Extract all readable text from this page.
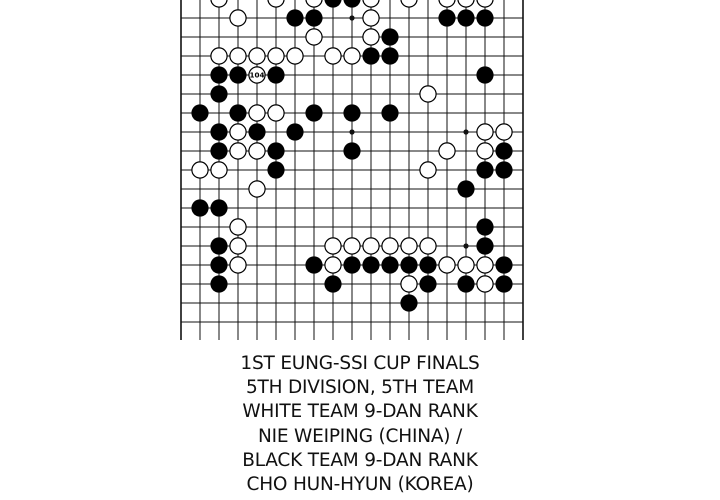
104
1ST EUNG-SSI CUP FINALS
5TH DIVISION, 5TH TEAM
WHITE TEAM 9-DAN RANK
NIE WEIPING (CHINA) /
BLACK TEAM 9-DAN RANK
CHO HUN-HYUN (KOREA)
